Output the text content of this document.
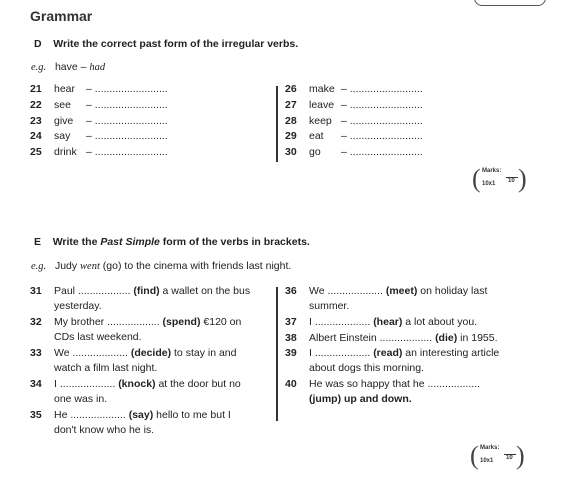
Grammar
D Write the correct past form of the irregular verbs.
e.g. have – had
21 hear – .........................
22 see – .........................
23 give – .........................
24 say – .........................
25 drink – .........................
26 make – .........................
27 leave – .........................
28 keep – .........................
29 eat – .........................
30 go – .........................
( Marks:
10x1 10 )
E Write the Past Simple form of the verbs in brackets.
e.g. Judy went (go) to the cinema with friends last night.
31 Paul .................. (find) a wallet on the bus
yesterday.
32 My brother .................. (spend) €120 on
CDs last weekend.
33 We ................... (decide) to stay in and
watch a film last night.
34 I ................... (knock) at the door but no
one was in.
35 He ................... (say) hello to me but I
don't know who he is.
36 We ................... (meet) on holiday last
summer.
37 I ................... (hear) a lot about you.
38 Albert Einstein .................. (die) in 1955.
39 I ................... (read) an interesting article
about dogs this morning.
40 He was so happy that he ..................
(jump) up and down.
( Marks:
10x1 10 )
